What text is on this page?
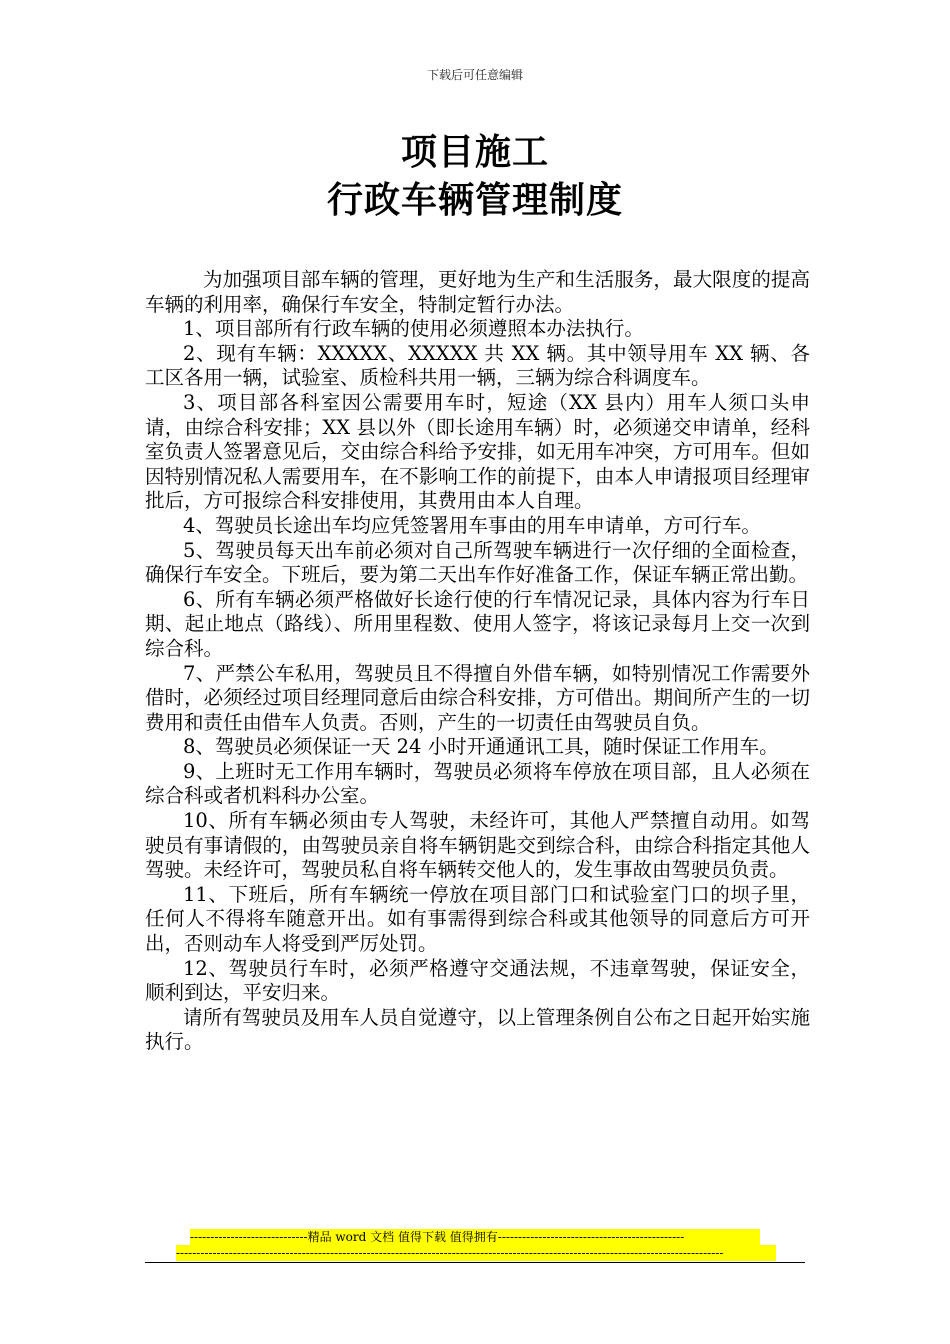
下载后可任意编辑
项目施工
行政车辆管理制度

为加强项目部车辆的管理，更好地为生产和生活服务，最大限度的提高车辆的利用率，确保行车安全，特制定暂行办法。

1、项目部所有行政车辆的使用必须遵照本办法执行。

2、现有车辆：XXXXX、XXXXX 共 XX 辆。其中领导用车 XX 辆、各工区各用一辆，试验室、质检科共用一辆，三辆为综合科调度车。

3、项目部各科室因公需要用车时，短途（XX 县内）用车人须口头申请，由综合科安排；XX 县以外（即长途用车辆）时，必须递交申请单，经科室负责人签署意见后，交由综合科给予安排，如无用车冲突，方可用车。但如因特别情况私人需要用车，在不影响工作的前提下，由本人申请报项目经理审批后，方可报综合科安排使用，其费用由本人自理。

4、驾驶员长途出车均应凭签署用车事由的用车申请单，方可行车。

5、驾驶员每天出车前必须对自己所驾驶车辆进行一次仔细的全面检查，确保行车安全。下班后，要为第二天出车作好准备工作，保证车辆正常出勤。

6、所有车辆必须严格做好长途行使的行车情况记录，具体内容为行车日期、起止地点（路线）、所用里程数、使用人签字，将该记录每月上交一次到综合科。

7、严禁公车私用，驾驶员且不得擅自外借车辆，如特别情况工作需要外借时，必须经过项目经理同意后由综合科安排，方可借出。期间所产生的一切费用和责任由借车人负责。否则，产生的一切责任由驾驶员自负。

8、驾驶员必须保证一天 24 小时开通通讯工具，随时保证工作用车。

9、上班时无工作用车辆时，驾驶员必须将车停放在项目部，且人必须在综合科或者机料科办公室。

10、所有车辆必须由专人驾驶，未经许可，其他人严禁擅自动用。如驾驶员有事请假的，由驾驶员亲自将车辆钥匙交到综合科，由综合科指定其他人驾驶。未经许可，驾驶员私自将车辆转交他人的，发生事故由驾驶员负责。

11、下班后，所有车辆统一停放在项目部门口和试验室门口的坝子里，任何人不得将车随意开出。如有事需得到综合科或其他领导的同意后方可开出，否则动车人将受到严厉处罚。

12、驾驶员行车时，必须严格遵守交通法规，不违章驾驶，保证安全，顺利到达，平安归来。

请所有驾驶员及用车人员自觉遵守，以上管理条例自公布之日起开始实施执行。

-----------------------------精品 word 文档 值得下载 值得拥有----------------------------------------------
---------------------------------------------------------------------------------------------------------------------------------------
